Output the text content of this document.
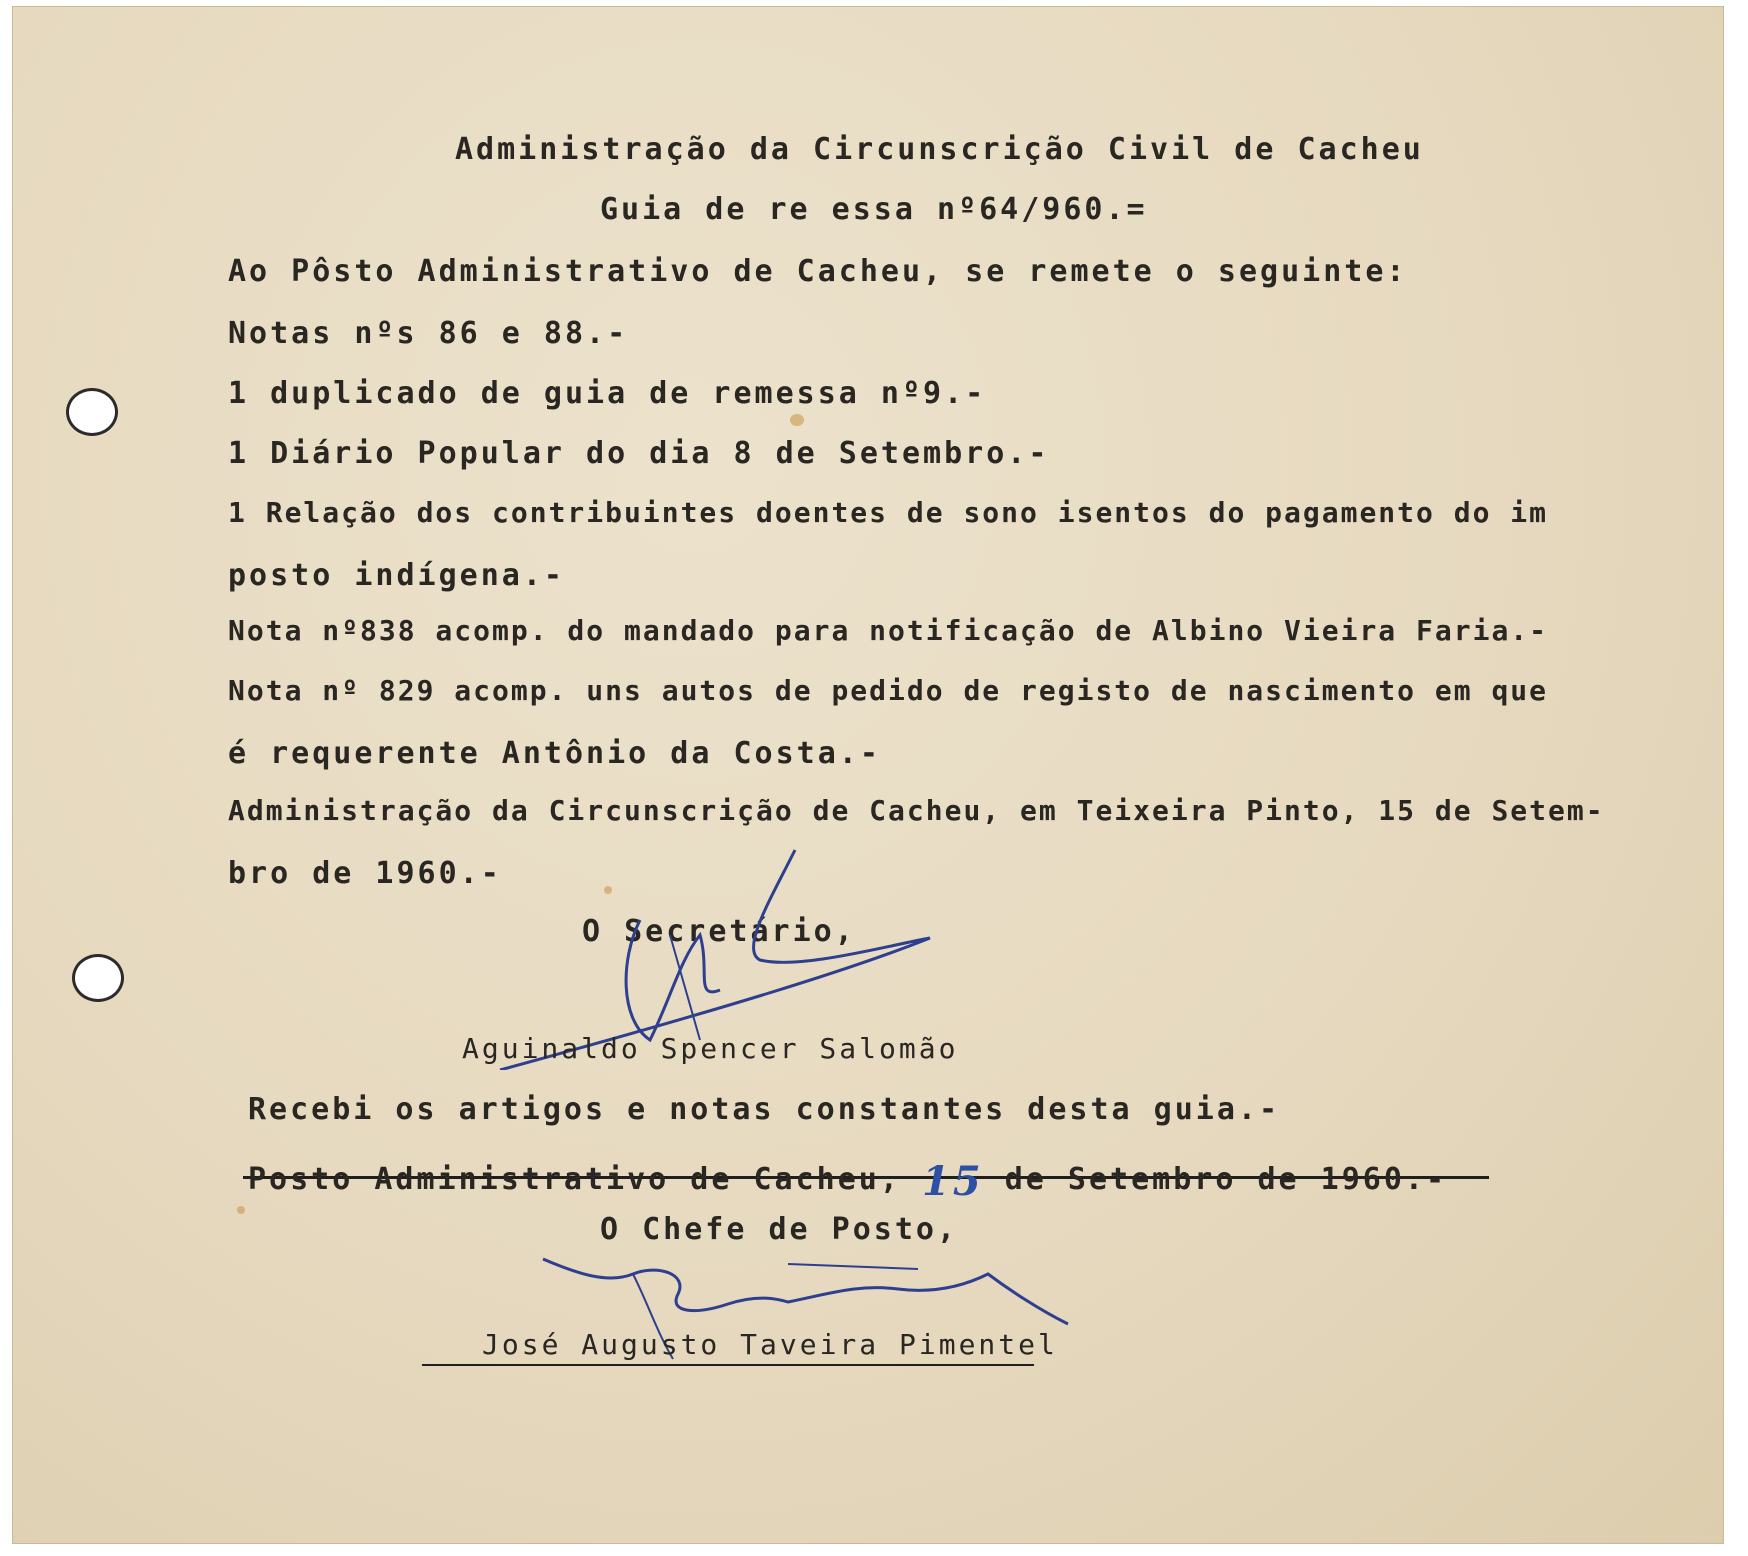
Administração da Circunscrição Civil de Cacheu
Guia de re essa nº64/960.=
Ao Pôsto Administrativo de Cacheu, se remete o seguinte:
Notas nºs 86 e 88.-
1 duplicado de guia de remessa nº9.-
1 Diário Popular do dia 8 de Setembro.-
1 Relação dos contribuintes doentes de sono isentos do pagamento do im
posto indígena.-
Nota nº838 acomp. do mandado para notificação de Albino Vieira Faria.-
Nota nº 829 acomp. uns autos de pedido de registo de nascimento em que
é requerente Antônio da Costa.-
Administração da Circunscrição de Cacheu, em Teixeira Pinto, 15 de Setem-
bro de 1960.-
O Secretário,
Aguinaldo Spencer Salomão
Recebi os artigos e notas constantes desta guia.-
Posto Administrativo de Cacheu, 15 de Setembro de 1960.-
O Chefe de Posto,
José Augusto Taveira Pimentel
